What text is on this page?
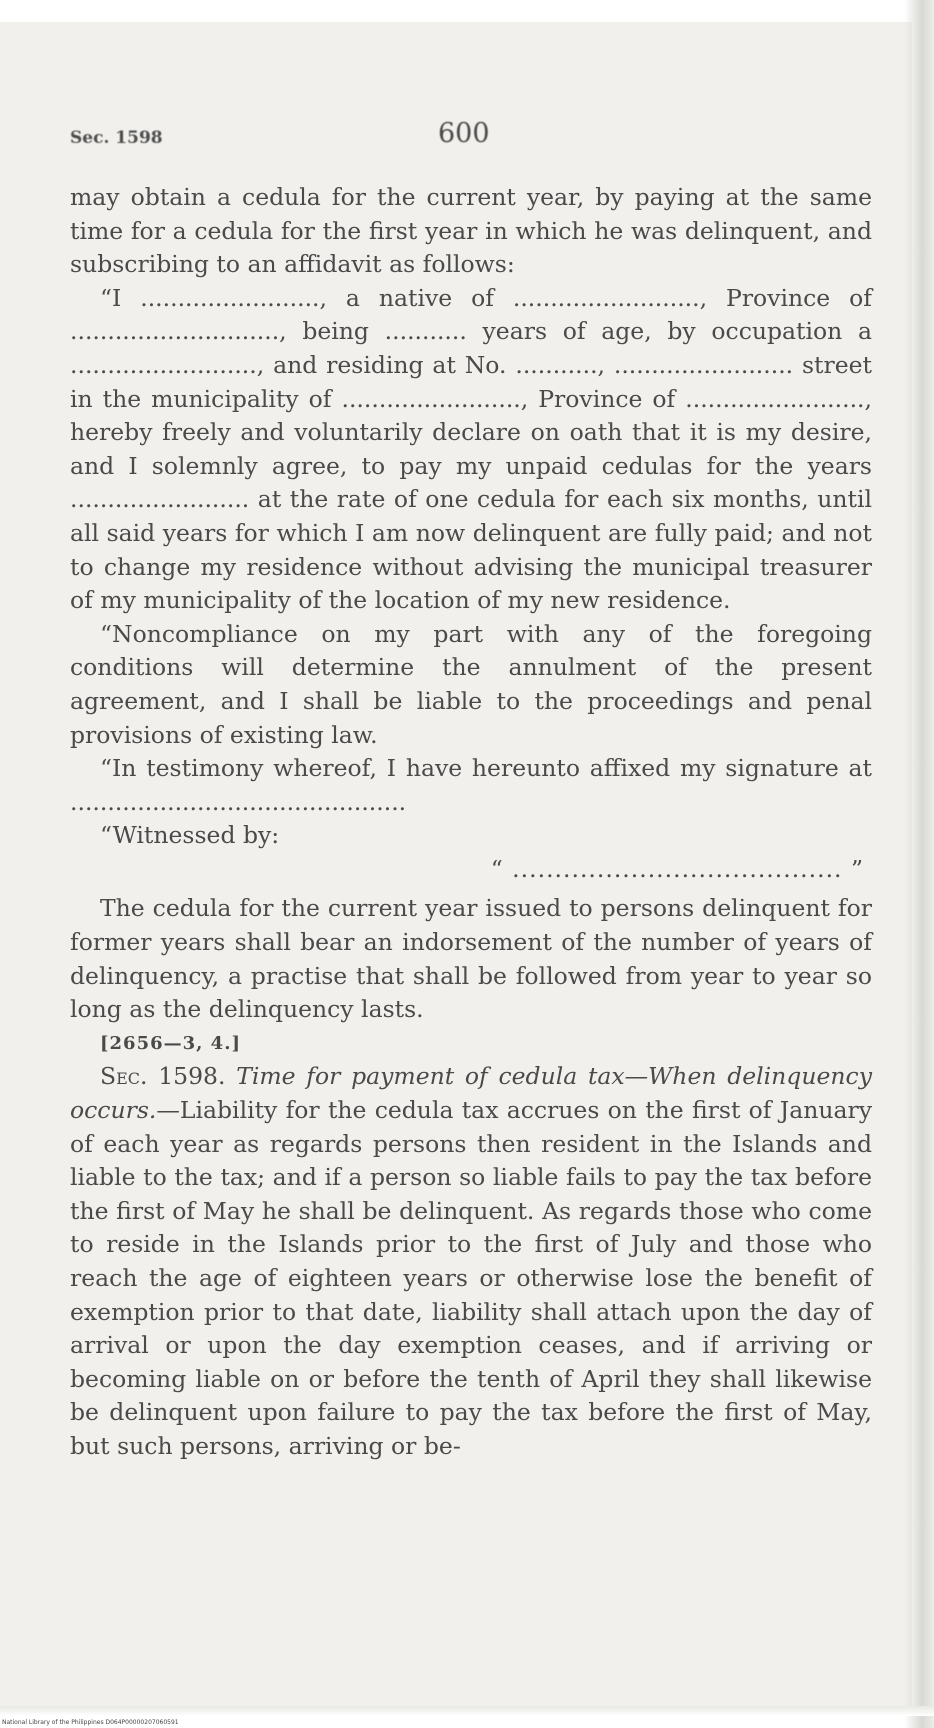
Sec. 1598	600

may obtain a cedula for the current year, by paying at the same time for a cedula for the first year in which he was delinquent, and subscribing to an affidavit as follows:

“I ........................, a native of ........................., Province of ............................, being ........... years of age, by occupation a ........................., and residing at No. ..........., ........................ street in the municipality of ........................, Province of ........................, hereby freely and voluntarily declare on oath that it is my desire, and I solemnly agree, to pay my unpaid cedulas for the years ........................ at the rate of one cedula for each six months, until all said years for which I am now delinquent are fully paid; and not to change my residence without advising the municipal treasurer of my municipality of the location of my new residence.

“Noncompliance on my part with any of the foregoing conditions will determine the annulment of the present agreement, and I shall be liable to the proceedings and penal provisions of existing law.

“In testimony whereof, I have hereunto affixed my signature at .............................................

“Witnessed by:

“ ....................................... ”

The cedula for the current year issued to persons delinquent for former years shall bear an indorsement of the number of years of delinquency, a practise that shall be followed from year to year so long as the delinquency lasts.

[2656—3, 4.]

Sec. 1598. Time for payment of cedula tax—When delinquency occurs.—Liability for the cedula tax accrues on the first of January of each year as regards persons then resident in the Islands and liable to the tax; and if a person so liable fails to pay the tax before the first of May he shall be delinquent. As regards those who come to reside in the Islands prior to the first of July and those who reach the age of eighteen years or otherwise lose the benefit of exemption prior to that date, liability shall attach upon the day of arrival or upon the day exemption ceases, and if arriving or becoming liable on or before the tenth of April they shall likewise be delinquent upon failure to pay the tax before the first of May, but such persons, arriving or be-

National Library of the Philippines D064P00000207060591
